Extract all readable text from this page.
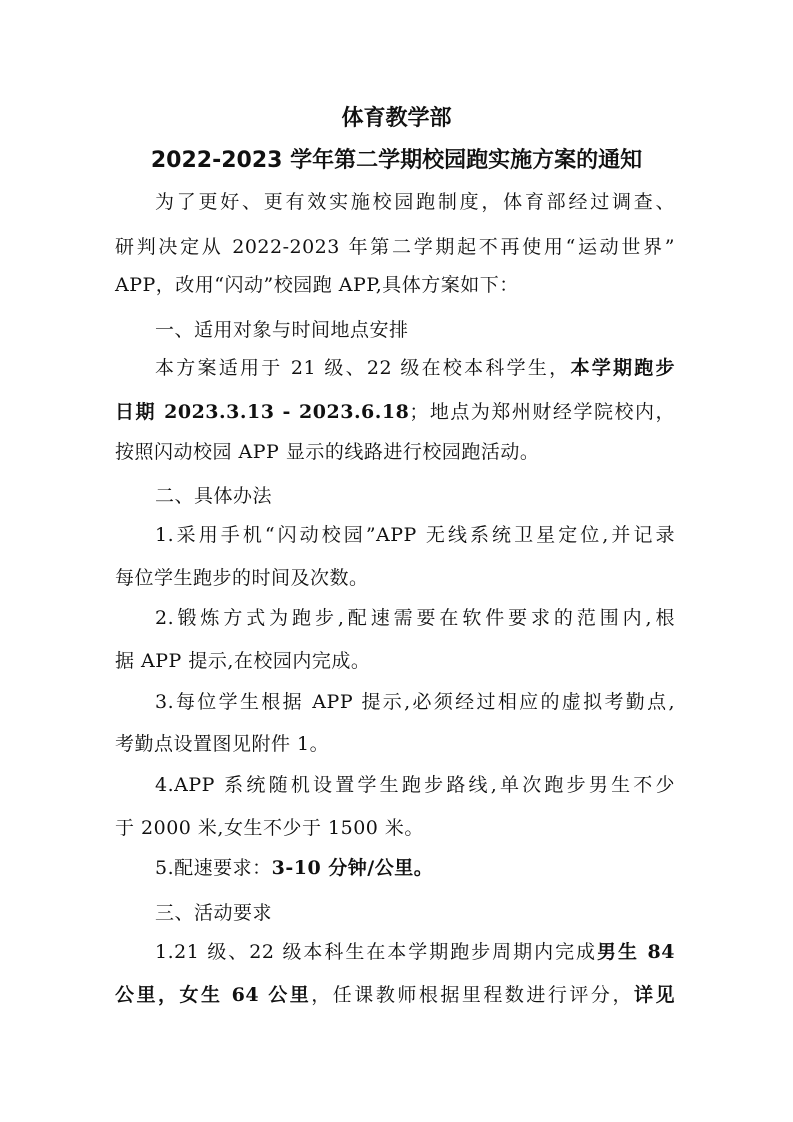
体育教学部
2022-2023 学年第二学期校园跑实施方案的通知
为了更好、更有效实施校园跑制度，体育部经过调查、
研判决定从 2022-2023 年第二学期起不再使用“运动世界”
APP，改用“闪动”校园跑 APP,具体方案如下：
一、适用对象与时间地点安排
本方案适用于 21 级、22 级在校本科学生，本学期跑步
日期 2023.3.13 - 2023.6.18；地点为郑州财经学院校内，
按照闪动校园 APP 显示的线路进行校园跑活动。
二、具体办法
1.采用手机“闪动校园”APP 无线系统卫星定位,并记录
每位学生跑步的时间及次数。
2.锻炼方式为跑步,配速需要在软件要求的范围内,根
据 APP 提示,在校园内完成。
3.每位学生根据 APP 提示,必须经过相应的虚拟考勤点,
考勤点设置图见附件 1。
4.APP 系统随机设置学生跑步路线,单次跑步男生不少
于 2000 米,女生不少于 1500 米。
5.配速要求：3-10 分钟/公里。
三、活动要求
1.21 级、22 级本科生在本学期跑步周期内完成男生 84
公里，女生 64 公里，任课教师根据里程数进行评分，详见
